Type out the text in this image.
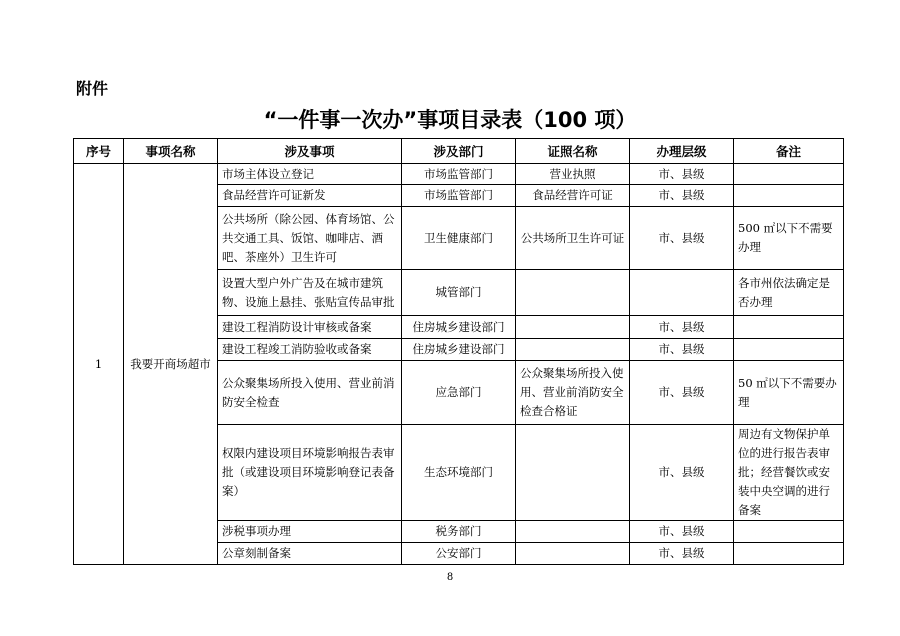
附件
“一件事一次办”事项目录表（100 项）
序号	事项名称	涉及事项	涉及部门	证照名称	办理层级	备注
1	我要开商场超市	市场主体设立登记	市场监管部门	营业执照	市、县级	
		食品经营许可证新发	市场监管部门	食品经营许可证	市、县级	
		公共场所（除公园、体育场馆、公共交通工具、饭馆、咖啡店、酒吧、茶座外）卫生许可	卫生健康部门	公共场所卫生许可证	市、县级	500 ㎡以下不需要办理
		设置大型户外广告及在城市建筑物、设施上悬挂、张贴宣传品审批	城管部门			各市州依法确定是否办理
		建设工程消防设计审核或备案	住房城乡建设部门		市、县级	
		建设工程竣工消防验收或备案	住房城乡建设部门		市、县级	
		公众聚集场所投入使用、营业前消防安全检查	应急部门	公众聚集场所投入使用、营业前消防安全检查合格证	市、县级	50 ㎡以下不需要办理
		权限内建设项目环境影响报告表审批（或建设项目环境影响登记表备案）	生态环境部门		市、县级	周边有文物保护单位的进行报告表审批；经营餐饮或安装中央空调的进行备案
		涉税事项办理	税务部门		市、县级	
		公章刻制备案	公安部门		市、县级	
8
